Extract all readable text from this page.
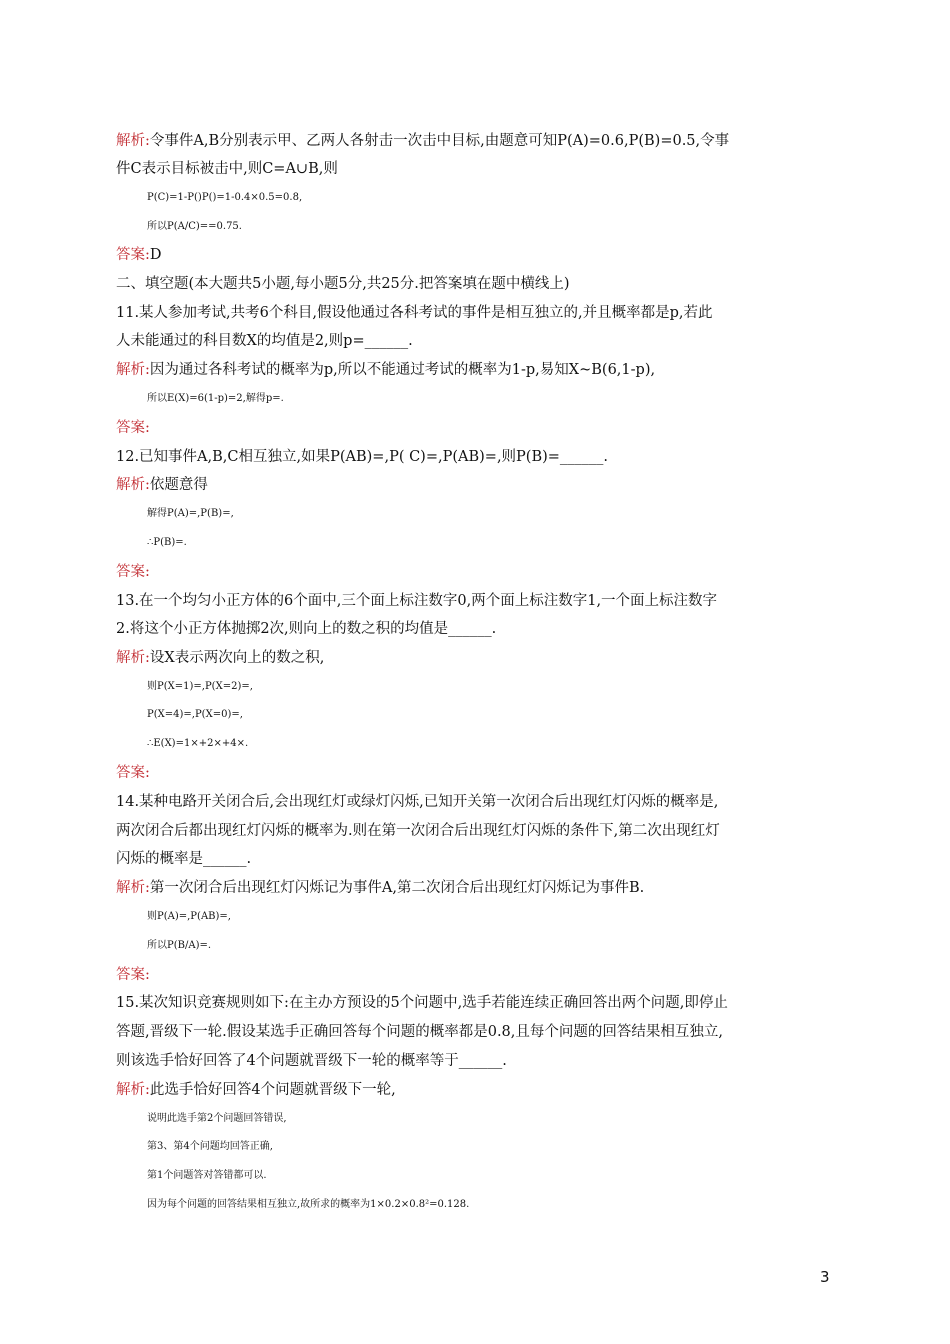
解析:令事件A,B分别表示甲、乙两人各射击一次击中目标,由题意可知P(A)=0.6,P(B)=0.5,令事
件C表示目标被击中,则C=A∪B,则
P(C)=1-P()P()=1-0.4×0.5=0.8,
所以P(A/C)==0.75.
答案:D
二、填空题(本大题共5小题,每小题5分,共25分.把答案填在题中横线上)
11.某人参加考试,共考6个科目,假设他通过各科考试的事件是相互独立的,并且概率都是p,若此
人未能通过的科目数X的均值是2,则p=______.
解析:因为通过各科考试的概率为p,所以不能通过考试的概率为1-p,易知X~B(6,1-p),
所以E(X)=6(1-p)=2,解得p=.
答案:
12.已知事件A,B,C相互独立,如果P(AB)=,P( C)=,P(AB)=,则P(B)=______.
解析:依题意得
解得P(A)=,P(B)=,
∴P(B)=.
答案:
13.在一个均匀小正方体的6个面中,三个面上标注数字0,两个面上标注数字1,一个面上标注数字
2.将这个小正方体抛掷2次,则向上的数之积的均值是______.
解析:设X表示两次向上的数之积,
则P(X=1)=,P(X=2)=,
P(X=4)=,P(X=0)=,
∴E(X)=1×+2×+4×.
答案:
14.某种电路开关闭合后,会出现红灯或绿灯闪烁,已知开关第一次闭合后出现红灯闪烁的概率是,
两次闭合后都出现红灯闪烁的概率为.则在第一次闭合后出现红灯闪烁的条件下,第二次出现红灯
闪烁的概率是______.
解析:第一次闭合后出现红灯闪烁记为事件A,第二次闭合后出现红灯闪烁记为事件B.
则P(A)=,P(AB)=,
所以P(B/A)=.
答案:
15.某次知识竞赛规则如下:在主办方预设的5个问题中,选手若能连续正确回答出两个问题,即停止
答题,晋级下一轮.假设某选手正确回答每个问题的概率都是0.8,且每个问题的回答结果相互独立,
则该选手恰好回答了4个问题就晋级下一轮的概率等于______.
解析:此选手恰好回答4个问题就晋级下一轮,
说明此选手第2个问题回答错误,
第3、第4个问题均回答正确,
第1个问题答对答错都可以.
因为每个问题的回答结果相互独立,故所求的概率为1×0.2×0.8²=0.128.
3
